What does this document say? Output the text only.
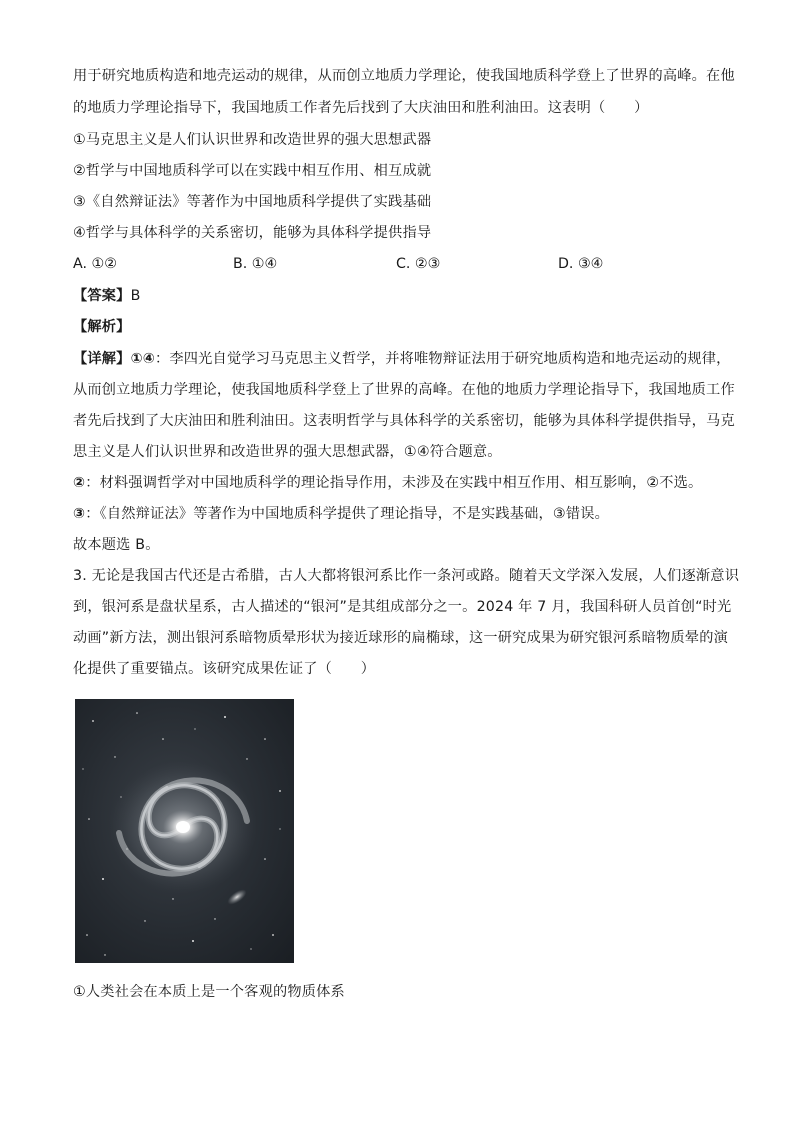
用于研究地质构造和地壳运动的规律，从而创立地质力学理论，使我国地质科学登上了世界的高峰。在他
的地质力学理论指导下，我国地质工作者先后找到了大庆油田和胜利油田。这表明（　　）
①马克思主义是人们认识世界和改造世界的强大思想武器
②哲学与中国地质科学可以在实践中相互作用、相互成就
③《自然辩证法》等著作为中国地质科学提供了实践基础
④哲学与具体科学的关系密切，能够为具体科学提供指导
A. ①②	B. ①④	C. ②③	D. ③④
【答案】B
【解析】
【详解】①④：李四光自觉学习马克思主义哲学，并将唯物辩证法用于研究地质构造和地壳运动的规律，
从而创立地质力学理论，使我国地质科学登上了世界的高峰。在他的地质力学理论指导下，我国地质工作
者先后找到了大庆油田和胜利油田。这表明哲学与具体科学的关系密切，能够为具体科学提供指导，马克
思主义是人们认识世界和改造世界的强大思想武器，①④符合题意。
②：材料强调哲学对中国地质科学的理论指导作用，未涉及在实践中相互作用、相互影响，②不选。
③：《自然辩证法》等著作为中国地质科学提供了理论指导，不是实践基础，③错误。
故本题选 B。
3. 无论是我国古代还是古希腊，古人大都将银河系比作一条河或路。随着天文学深入发展，人们逐渐意识
到，银河系是盘状星系，古人描述的“银河”是其组成部分之一。2024 年 7 月，我国科研人员首创“时光
动画”新方法，测出银河系暗物质晕形状为接近球形的扁椭球，这一研究成果为研究银河系暗物质晕的演
化提供了重要锚点。该研究成果佐证了（　　）
①人类社会在本质上是一个客观的物质体系
